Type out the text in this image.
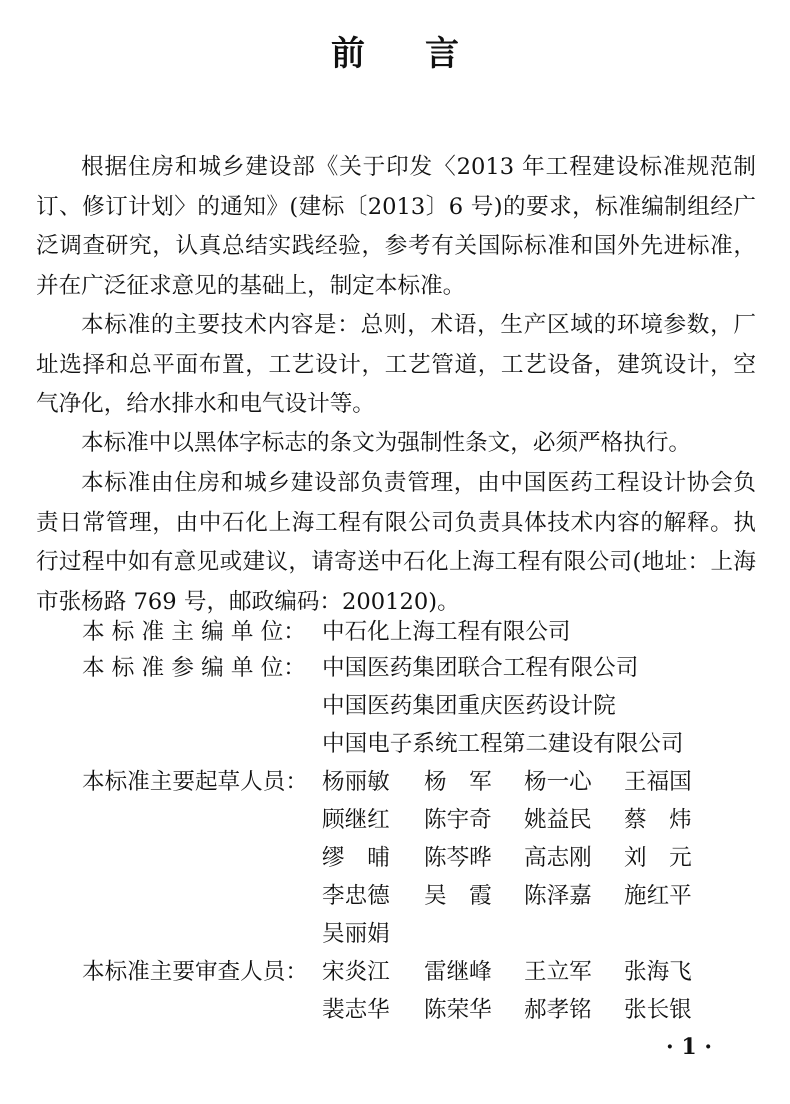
前 言
根据住房和城乡建设部《关于印发〈2013 年工程建设标准规范制订、修订计划〉的通知》(建标〔2013〕6 号)的要求，标准编制组经广泛调查研究，认真总结实践经验，参考有关国际标准和国外先进标准，并在广泛征求意见的基础上，制定本标准。
本标准的主要技术内容是：总则，术语，生产区域的环境参数，厂址选择和总平面布置，工艺设计，工艺管道，工艺设备，建筑设计，空气净化，给水排水和电气设计等。
本标准中以黑体字标志的条文为强制性条文，必须严格执行。
本标准由住房和城乡建设部负责管理，由中国医药工程设计协会负责日常管理，由中石化上海工程有限公司负责具体技术内容的解释。执行过程中如有意见或建议，请寄送中石化上海工程有限公司(地址：上海市张杨路 769 号，邮政编码：200120)。
本 标 准 主 编 单 位： 中石化上海工程有限公司
本 标 准 参 编 单 位： 中国医药集团联合工程有限公司
中国医药集团重庆医药设计院
中国电子系统工程第二建设有限公司
本标准主要起草人员： 杨丽敏 杨　军 杨一心 王福国
顾继红 陈宇奇 姚益民 蔡　炜
缪　晡 陈芩晔 高志刚 刘　元
李忠德 吴　霞 陈泽嘉 施红平
吴丽娟
本标准主要审查人员： 宋炎江 雷继峰 王立军 张海飞
裴志华 陈荣华 郝孝铭 张长银
· 1 ·
